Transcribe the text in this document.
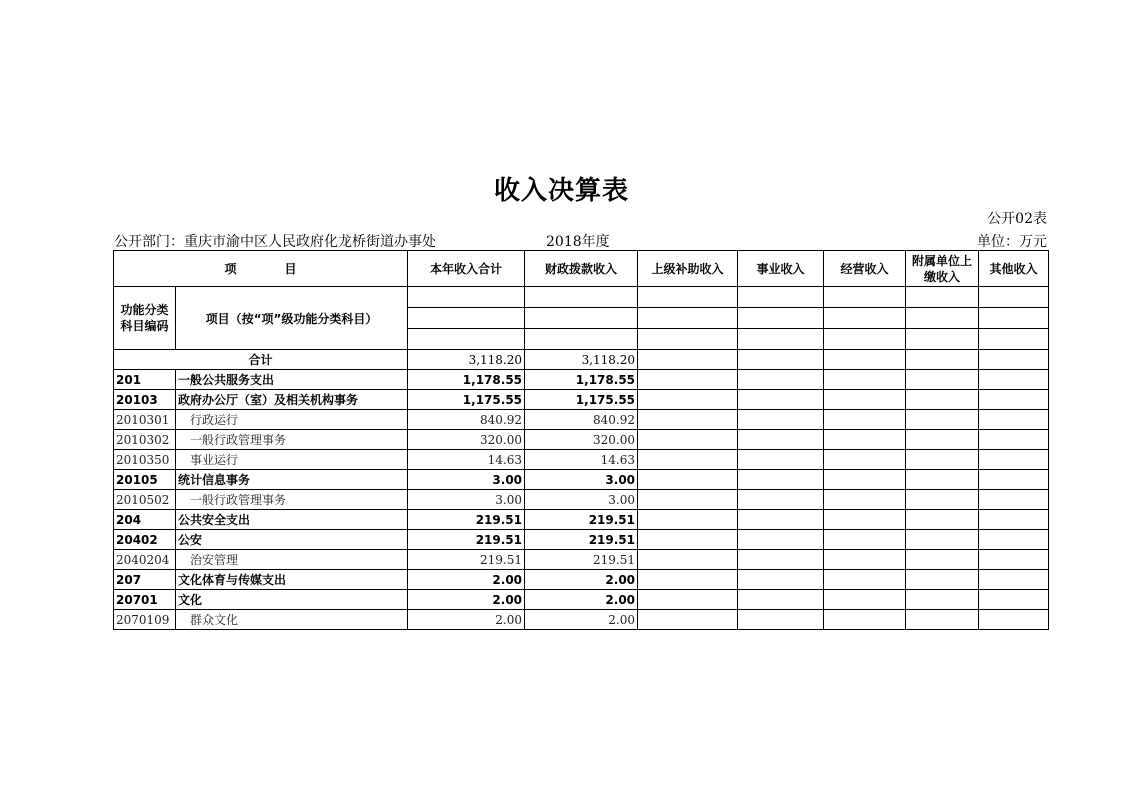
收入决算表
公开02表
公开部门：重庆市渝中区人民政府化龙桥街道办事处	2018年度	单位：万元
项　　　　目		本年收入合计	财政拨款收入	上级补助收入	事业收入	经营收入	附属单位上缴收入	其他收入
功能分类科目编码	项目（按“项”级功能分类科目）							

合计		3,118.20	3,118.20					
201	一般公共服务支出	1,178.55	1,178.55					
20103	政府办公厅（室）及相关机构事务	1,175.55	1,175.55					
2010301	行政运行	840.92	840.92					
2010302	一般行政管理事务	320.00	320.00					
2010350	事业运行	14.63	14.63					
20105	统计信息事务	3.00	3.00					
2010502	一般行政管理事务	3.00	3.00					
204	公共安全支出	219.51	219.51					
20402	公安	219.51	219.51					
2040204	治安管理	219.51	219.51					
207	文化体育与传媒支出	2.00	2.00					
20701	文化	2.00	2.00					
2070109	群众文化	2.00	2.00					
